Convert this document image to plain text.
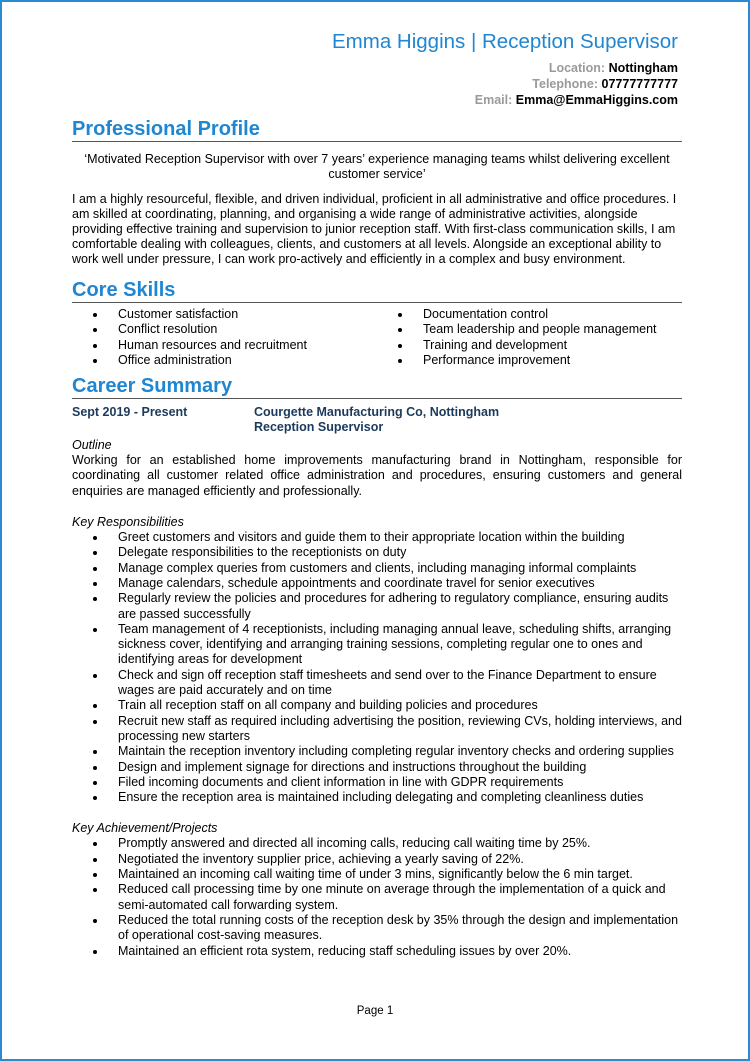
Emma Higgins | Reception Supervisor
Location: Nottingham
Telephone: 07777777777
Email: Emma@EmmaHiggins.com
Professional Profile
‘Motivated Reception Supervisor with over 7 years’ experience managing teams whilst delivering excellent customer service’

I am a highly resourceful, flexible, and driven individual, proficient in all administrative and office procedures. I am skilled at coordinating, planning, and organising a wide range of administrative activities, alongside providing effective training and supervision to junior reception staff. With first-class communication skills, I am comfortable dealing with colleagues, clients, and customers at all levels. Alongside an exceptional ability to work well under pressure, I can work pro-actively and efficiently in a complex and busy environment.

Core Skills
Customer satisfaction
Conflict resolution
Human resources and recruitment
Office administration
Documentation control
Team leadership and people management
Training and development
Performance improvement
Career Summary
Sept 2019 - Present	Courgette Manufacturing Co, Nottingham
Reception Supervisor
Outline

Working for an established home improvements manufacturing brand in Nottingham, responsible for coordinating all customer related office administration and procedures, ensuring customers and general enquiries are managed efficiently and professionally.

Key Responsibilities
Greet customers and visitors and guide them to their appropriate location within the building
Delegate responsibilities to the receptionists on duty
Manage complex queries from customers and clients, including managing informal complaints
Manage calendars, schedule appointments and coordinate travel for senior executives
Regularly review the policies and procedures for adhering to regulatory compliance, ensuring audits are passed successfully
Team management of 4 receptionists, including managing annual leave, scheduling shifts, arranging sickness cover, identifying and arranging training sessions, completing regular one to ones and identifying areas for development
Check and sign off reception staff timesheets and send over to the Finance Department to ensure wages are paid accurately and on time
Train all reception staff on all company and building policies and procedures
Recruit new staff as required including advertising the position, reviewing CVs, holding interviews, and processing new starters
Maintain the reception inventory including completing regular inventory checks and ordering supplies
Design and implement signage for directions and instructions throughout the building
Filed incoming documents and client information in line with GDPR requirements
Ensure the reception area is maintained including delegating and completing cleanliness duties
Key Achievement/Projects
Promptly answered and directed all incoming calls, reducing call waiting time by 25%.
Negotiated the inventory supplier price, achieving a yearly saving of 22%.
Maintained an incoming call waiting time of under 3 mins, significantly below the 6 min target.
Reduced call processing time by one minute on average through the implementation of a quick and semi-automated call forwarding system.
Reduced the total running costs of the reception desk by 35% through the design and implementation of operational cost-saving measures.
Maintained an efficient rota system, reducing staff scheduling issues by over 20%.
Page 1
